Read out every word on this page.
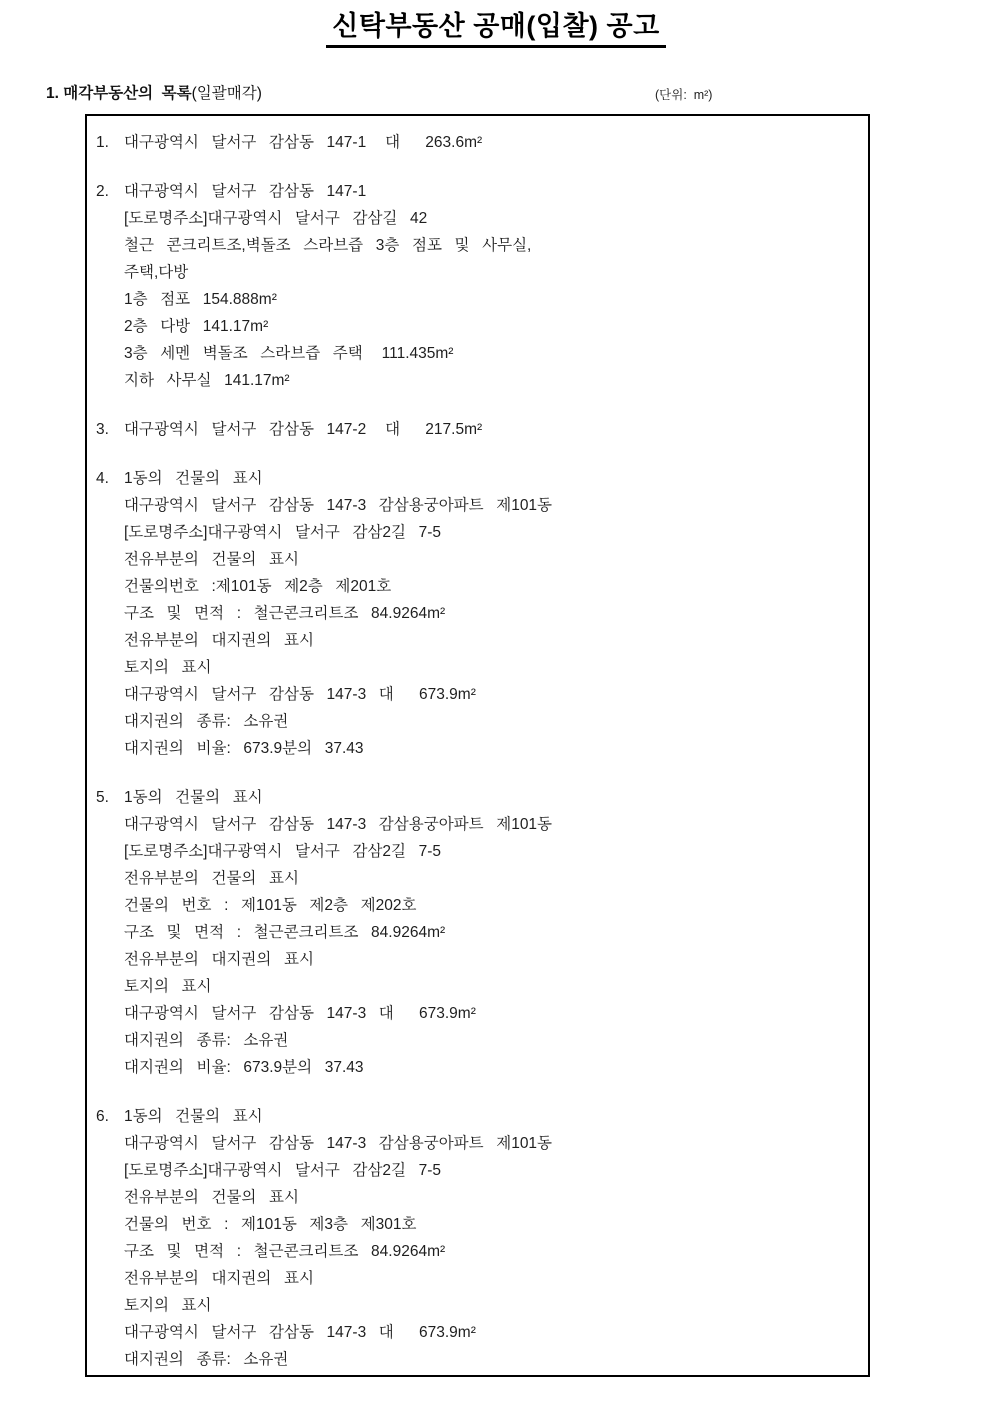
신탁부동산 공매(입찰) 공고
1. 매각부동산의  목록(일괄매각)	(단위:  m²)
1. 대구광역시  달서구  감삼동  147-1   대    263.6m²
2. 대구광역시  달서구  감삼동  147-1
[도로명주소]대구광역시  달서구  감삼길  42
철근  콘크리트조,벽돌조  스라브즙  3층  점포  및  사무실,
주택,다방
1층  점포  154.888m²
2층  다방  141.17m²
3층  세멘  벽돌조  스라브즙  주택   111.435m²
지하  사무실  141.17m²
3. 대구광역시  달서구  감삼동  147-2   대    217.5m²
4. 1동의  건물의  표시
대구광역시  달서구  감삼동  147-3  감삼용궁아파트  제101동
[도로명주소]대구광역시  달서구  감삼2길  7-5
전유부분의  건물의  표시
건물의번호  :제101동  제2층  제201호
구조  및  면적  :  철근콘크리트조  84.9264m²
전유부분의  대지권의  표시
토지의  표시
대구광역시  달서구  감삼동  147-3  대    673.9m²
대지권의  종류:  소유권
대지권의  비율:  673.9분의  37.43
5. 1동의  건물의  표시
대구광역시  달서구  감삼동  147-3  감삼용궁아파트  제101동
[도로명주소]대구광역시  달서구  감삼2길  7-5
전유부분의  건물의  표시
건물의  번호  :  제101동  제2층  제202호
구조  및  면적  :  철근콘크리트조  84.9264m²
전유부분의  대지권의  표시
토지의  표시
대구광역시  달서구  감삼동  147-3  대    673.9m²
대지권의  종류:  소유권
대지권의  비율:  673.9분의  37.43
6. 1동의  건물의  표시
대구광역시  달서구  감삼동  147-3  감삼용궁아파트  제101동
[도로명주소]대구광역시  달서구  감삼2길  7-5
전유부분의  건물의  표시
건물의  번호  :  제101동  제3층  제301호
구조  및  면적  :  철근콘크리트조  84.9264m²
전유부분의  대지권의  표시
토지의  표시
대구광역시  달서구  감삼동  147-3  대    673.9m²
대지권의  종류:  소유권
